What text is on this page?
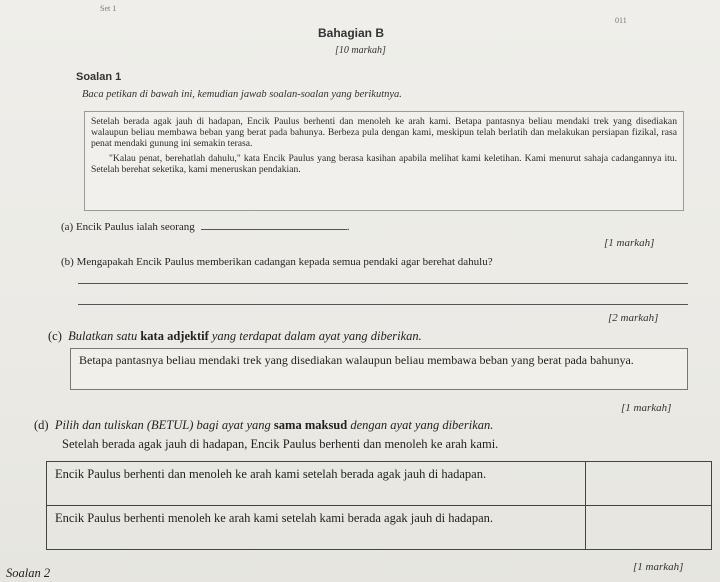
Set 1
011
Bahagian B
[10 markah]
Soalan 1
Baca petikan di bawah ini, kemudian jawab soalan-soalan yang berikutnya.

Setelah berada agak jauh di hadapan, Encik Paulus berhenti dan menoleh ke arah kami. Betapa pantasnya beliau mendaki trek yang disediakan walaupun beliau membawa beban yang berat pada bahunya. Berbeza pula dengan kami, meskipun telah berlatih dan melakukan persiapan fizikal, rasa penat mendaki gunung ini semakin terasa.

"Kalau penat, berehatlah dahulu," kata Encik Paulus yang berasa kasihan apabila melihat kami keletihan. Kami menurut sahaja cadangannya itu. Setelah berehat seketika, kami meneruskan pendakian.

(a) Encik Paulus ialah seorang	.
[1 markah]
(b) Mengapakah Encik Paulus memberikan cadangan kepada semua pendaki agar berehat dahulu?
[2 markah]
(c) Bulatkan satu kata adjektif yang terdapat dalam ayat yang diberikan.
Betapa pantasnya beliau mendaki trek yang disediakan walaupun beliau membawa beban yang berat pada bahunya.
[1 markah]
(d) Pilih dan tuliskan (BETUL) bagi ayat yang sama maksud dengan ayat yang diberikan.
Setelah berada agak jauh di hadapan, Encik Paulus berhenti dan menoleh ke arah kami.
Encik Paulus berhenti dan menoleh ke arah kami setelah berada agak jauh di hadapan.	
Encik Paulus berhenti menoleh ke arah kami setelah kami berada agak jauh di hadapan.	
Soalan 2	[1 markah]
